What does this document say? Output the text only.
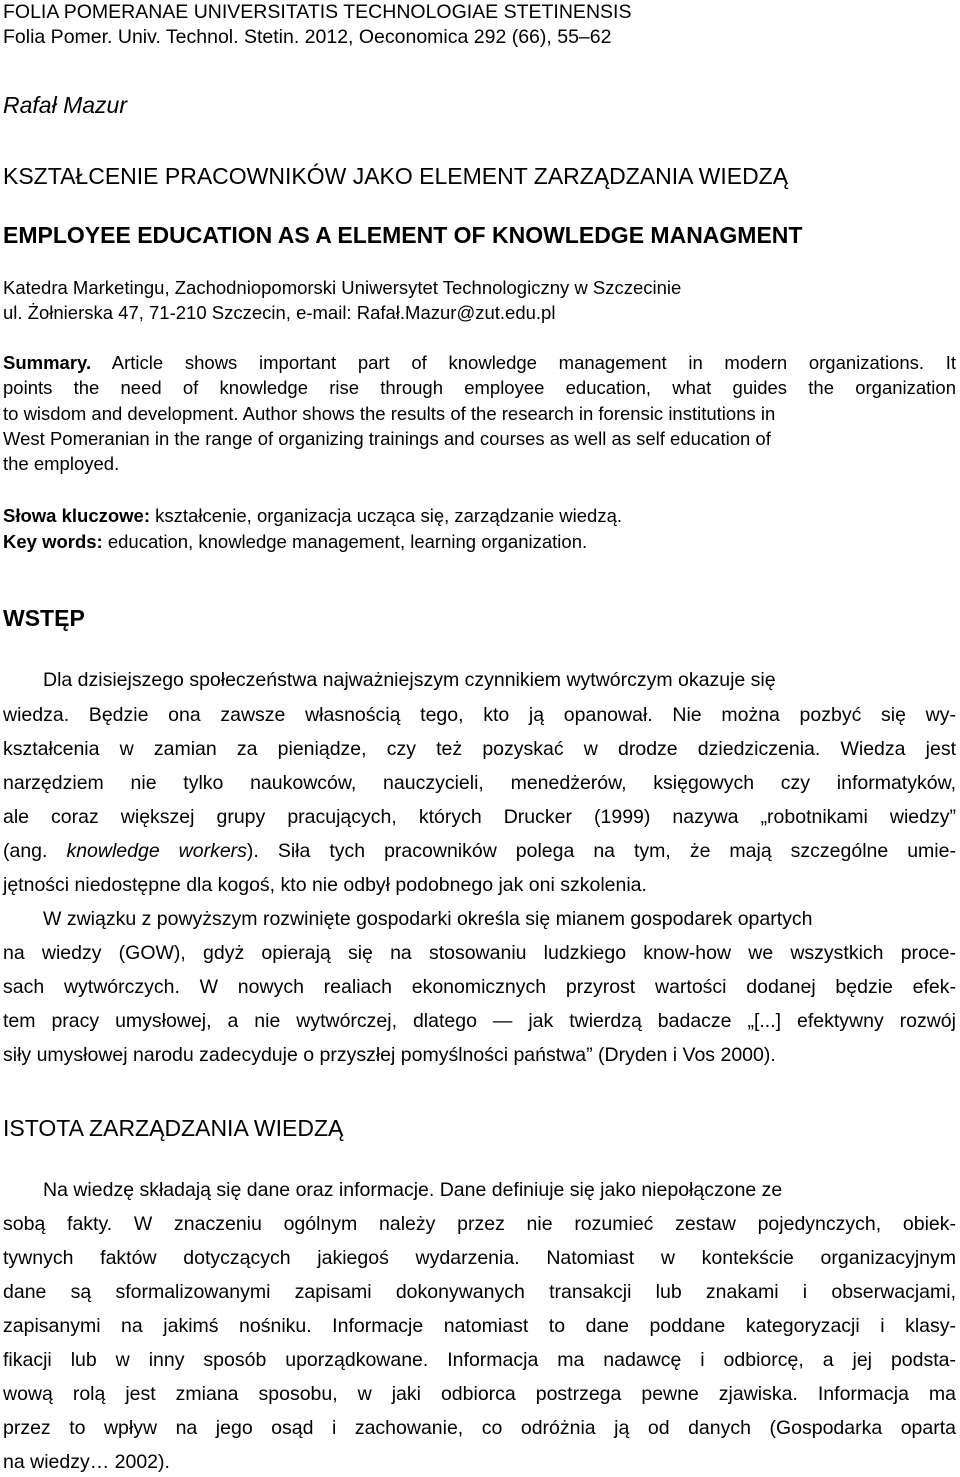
FOLIA POMERANAE UNIVERSITATIS TECHNOLOGIAE STETINENSIS

Folia Pomer. Univ. Technol. Stetin. 2012, Oeconomica 292 (66), 55–62

Rafał Mazur

KSZTAŁCENIE PRACOWNIKÓW JAKO ELEMENT ZARZĄDZANIA WIEDZĄ

EMPLOYEE EDUCATION AS A ELEMENT OF KNOWLEDGE MANAGMENT

Katedra Marketingu, Zachodniopomorski Uniwersytet Technologiczny w Szczecinie

ul. Żołnierska 47, 71-210 Szczecin, e-mail: Rafał.Mazur@zut.edu.pl

Summary. Article shows important part of knowledge management in modern organizations. It

points the need of knowledge rise through employee education, what guides the organization

to wisdom and development. Author shows the results of the research in forensic institutions in

West Pomeranian in the range of organizing trainings and courses as well as self education of

the employed.

Słowa kluczowe: kształcenie, organizacja ucząca się, zarządzanie wiedzą.

Key words: education, knowledge management, learning organization.

WSTĘP

Dla dzisiejszego społeczeństwa najważniejszym czynnikiem wytwórczym okazuje się

wiedza. Będzie ona zawsze własnością tego, kto ją opanował. Nie można pozbyć się wy-

kształcenia w zamian za pieniądze, czy też pozyskać w drodze dziedziczenia. Wiedza jest

narzędziem nie tylko naukowców, nauczycieli, menedżerów, księgowych czy informatyków,

ale coraz większej grupy pracujących, których Drucker (1999) nazywa „robotnikami wiedzy”

(ang. knowledge workers). Siła tych pracowników polega na tym, że mają szczególne umie-

jętności niedostępne dla kogoś, kto nie odbył podobnego jak oni szkolenia.

W związku z powyższym rozwinięte gospodarki określa się mianem gospodarek opartych

na wiedzy (GOW), gdyż opierają się na stosowaniu ludzkiego know-how we wszystkich proce-

sach wytwórczych. W nowych realiach ekonomicznych przyrost wartości dodanej będzie efek-

tem pracy umysłowej, a nie wytwórczej, dlatego — jak twierdzą badacze „[...] efektywny rozwój

siły umysłowej narodu zadecyduje o przyszłej pomyślności państwa” (Dryden i Vos 2000).

ISTOTA ZARZĄDZANIA WIEDZĄ

Na wiedzę składają się dane oraz informacje. Dane definiuje się jako niepołączone ze

sobą fakty. W znaczeniu ogólnym należy przez nie rozumieć zestaw pojedynczych, obiek-

tywnych faktów dotyczących jakiegoś wydarzenia. Natomiast w kontekście organizacyjnym

dane są sformalizowanymi zapisami dokonywanych transakcji lub znakami i obserwacjami,

zapisanymi na jakimś nośniku. Informacje natomiast to dane poddane kategoryzacji i klasy-

fikacji lub w inny sposób uporządkowane. Informacja ma nadawcę i odbiorcę, a jej podsta-

wową rolą jest zmiana sposobu, w jaki odbiorca postrzega pewne zjawiska. Informacja ma

przez to wpływ na jego osąd i zachowanie, co odróżnia ją od danych (Gospodarka oparta

na wiedzy… 2002).
